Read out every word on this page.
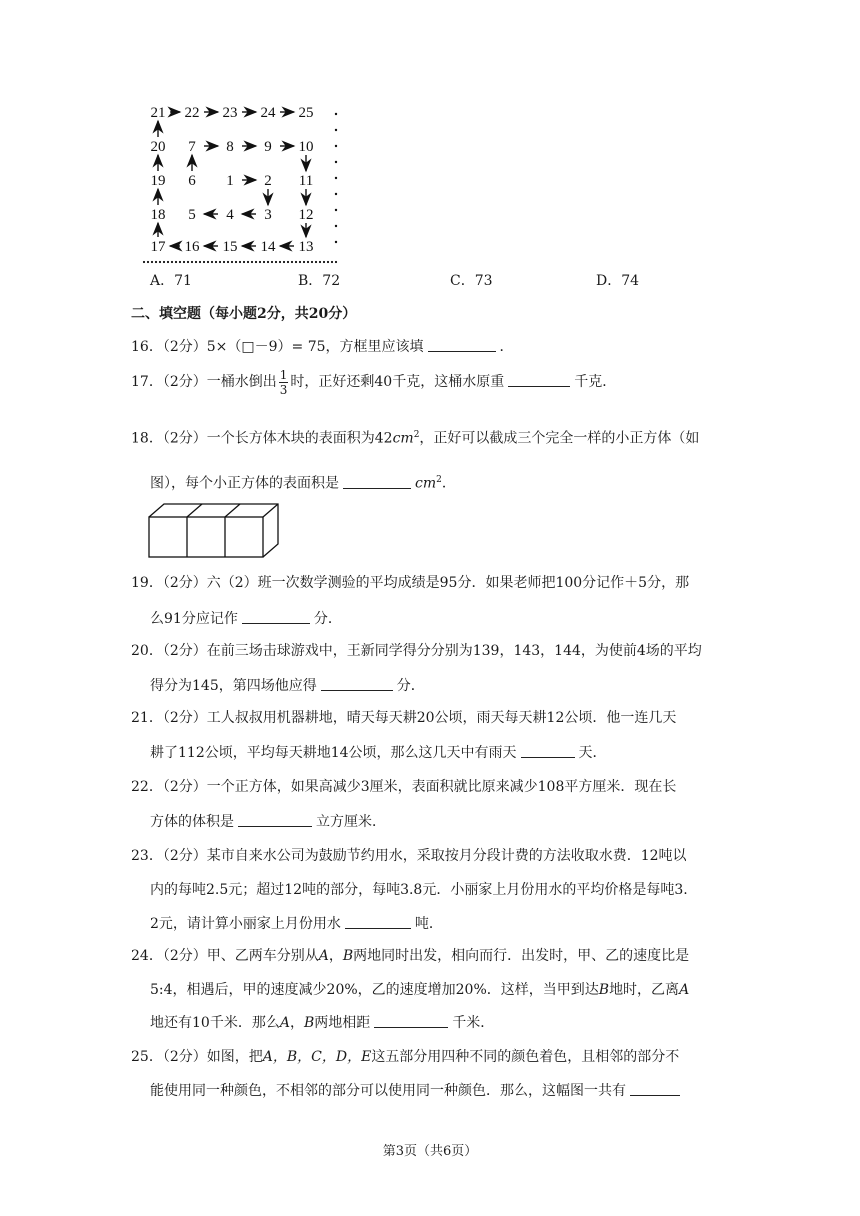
1 2
3
4
5
6
7 8 9 10
11
12
13
14
15
16
17
18
19
20
21 22 23 24 25
A．71	B．72	C．73	D．74
二、填空题（每小题2分，共20分）
16．（2分）5×（□－9）= 75，方框里应该填	．
17．（2分）一桶水倒出 $\frac{1}{3}$ 时，正好还剩40千克，这桶水原重	千克．
18．（2分）一个长方体木块的表面积为$42cm^2$，正好可以截成三个完全一样的小正方体（如
图），每个小正方体的表面积是	$cm^2$．
19．（2分）六（2）班一次数学测验的平均成绩是95分．如果老师把100分记作＋5分，那
么91分应记作	分．
20．（2分）在前三场击球游戏中，王新同学得分分别为139，143，144，为使前4场的平均
得分为145，第四场他应得	分．
21．（2分）工人叔叔用机器耕地，晴天每天耕20公顷，雨天每天耕12公顷．他一连几天
耕了112公顷，平均每天耕地14公顷，那么这几天中有雨天	天．
22．（2分）一个正方体，如果高减少3厘米，表面积就比原来减少108平方厘米．现在长
方体的体积是	立方厘米．
23．（2分）某市自来水公司为鼓励节约用水，采取按月分段计费的方法收取水费．12吨以
内的每吨2.5元；超过12吨的部分，每吨3.8元．小丽家上月份用水的平均价格是每吨3.
2元，请计算小丽家上月份用水	吨．
24．（2分）甲、乙两车分别从A，B两地同时出发，相向而行．出发时，甲、乙的速度比是
5:4，相遇后，甲的速度减少20%，乙的速度增加20%．这样，当甲到达B地时，乙离A
地还有10千米．那么A，B两地相距	千米．
25．（2分）如图，把A，B，C，D，E这五部分用四种不同的颜色着色，且相邻的部分不
能使用同一种颜色，不相邻的部分可以使用同一种颜色．那么，这幅图一共有
第3页（共6页）
